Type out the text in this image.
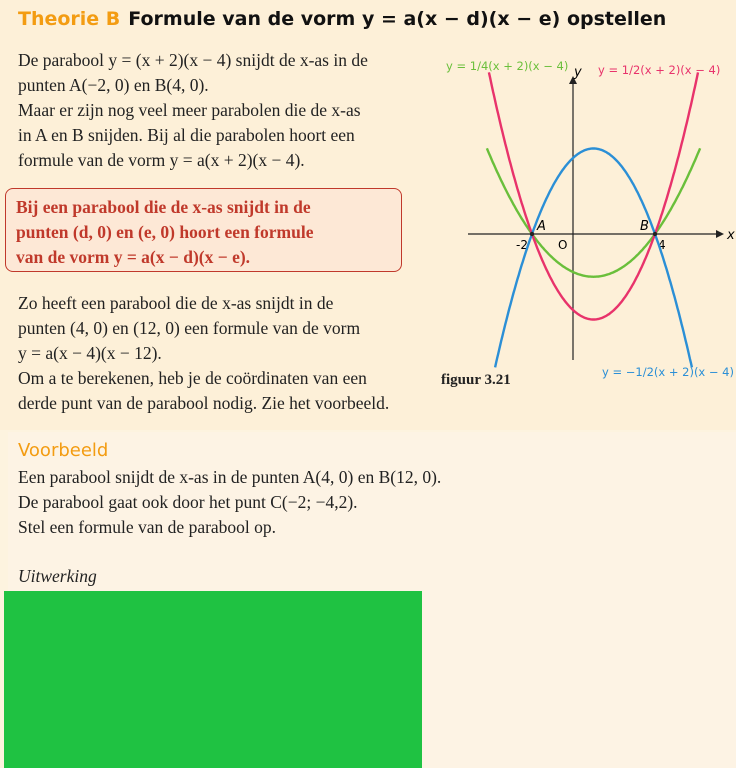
Theorie B Formule van de vorm y = a(x − d)(x − e) opstellen
De parabool y = (x + 2)(x − 4) snijdt de x-as in de
punten A(−2, 0) en B(4, 0).
Maar er zijn nog veel meer parabolen die de x-as
in A en B snijden. Bij al die parabolen hoort een
formule van de vorm y = a(x + 2)(x − 4).
Bij een parabool die de x-as snijdt in de
punten (d, 0) en (e, 0) hoort een formule
van de vorm y = a(x − d)(x − e).
Zo heeft een parabool die de x-as snijdt in de
punten (4, 0) en (12, 0) een formule van de vorm
y = a(x − 4)(x − 12).
Om a te berekenen, heb je de coördinaten van een
derde punt van de parabool nodig. Zie het voorbeeld.
x
y
-2	O	4
A	B
y = 1/4(x + 2)(x − 4)	y = 1/2(x + 2)(x − 4)
y = −1/2(x + 2)(x − 4)
figuur 3.21
Voorbeeld
Een parabool snijdt de x-as in de punten A(4, 0) en B(12, 0).
De parabool gaat ook door het punt C(−2; −4,2).
Stel een formule van de parabool op.
Uitwerking
